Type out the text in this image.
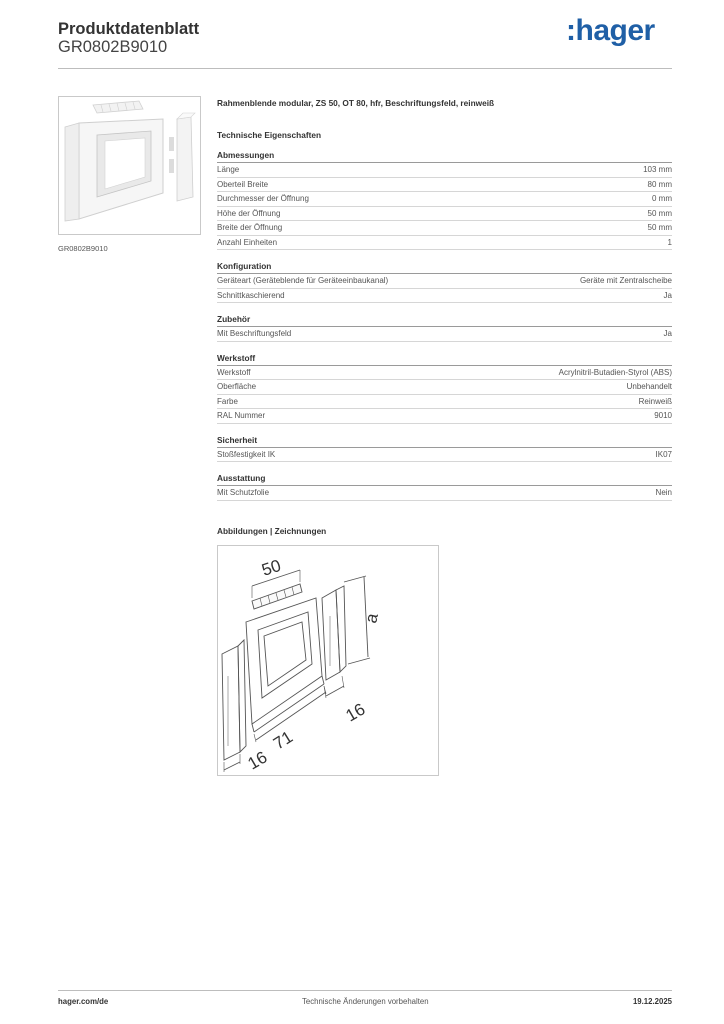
Produktdatenblatt
GR0802B9010	:hager
GR0802B9010
Rahmenblende modular, ZS 50, OT 80, hfr, Beschriftungsfeld, reinweiß
Technische Eigenschaften
Abmessungen
Länge	103 mm
Oberteil Breite	80 mm
Durchmesser der Öffnung	0 mm
Höhe der Öffnung	50 mm
Breite der Öffnung	50 mm
Anzahl Einheiten	1
Konfiguration
Geräteart (Geräteblende für Geräteeinbaukanal)	Geräte mit Zentralscheibe
Schnittkaschierend	Ja
Zubehör
Mit Beschriftungsfeld	Ja
Werkstoff
Werkstoff	Acrylnitril-Butadien-Styrol (ABS)
Oberfläche	Unbehandelt
Farbe	Reinweiß
RAL Nummer	9010
Sicherheit
Stoßfestigkeit IK	IK07
Ausstattung
Mit Schutzfolie	Nein
Abbildungen | Zeichnungen
50
a
16
71
16
hager.com/de	Technische Änderungen vorbehalten	19.12.2025
